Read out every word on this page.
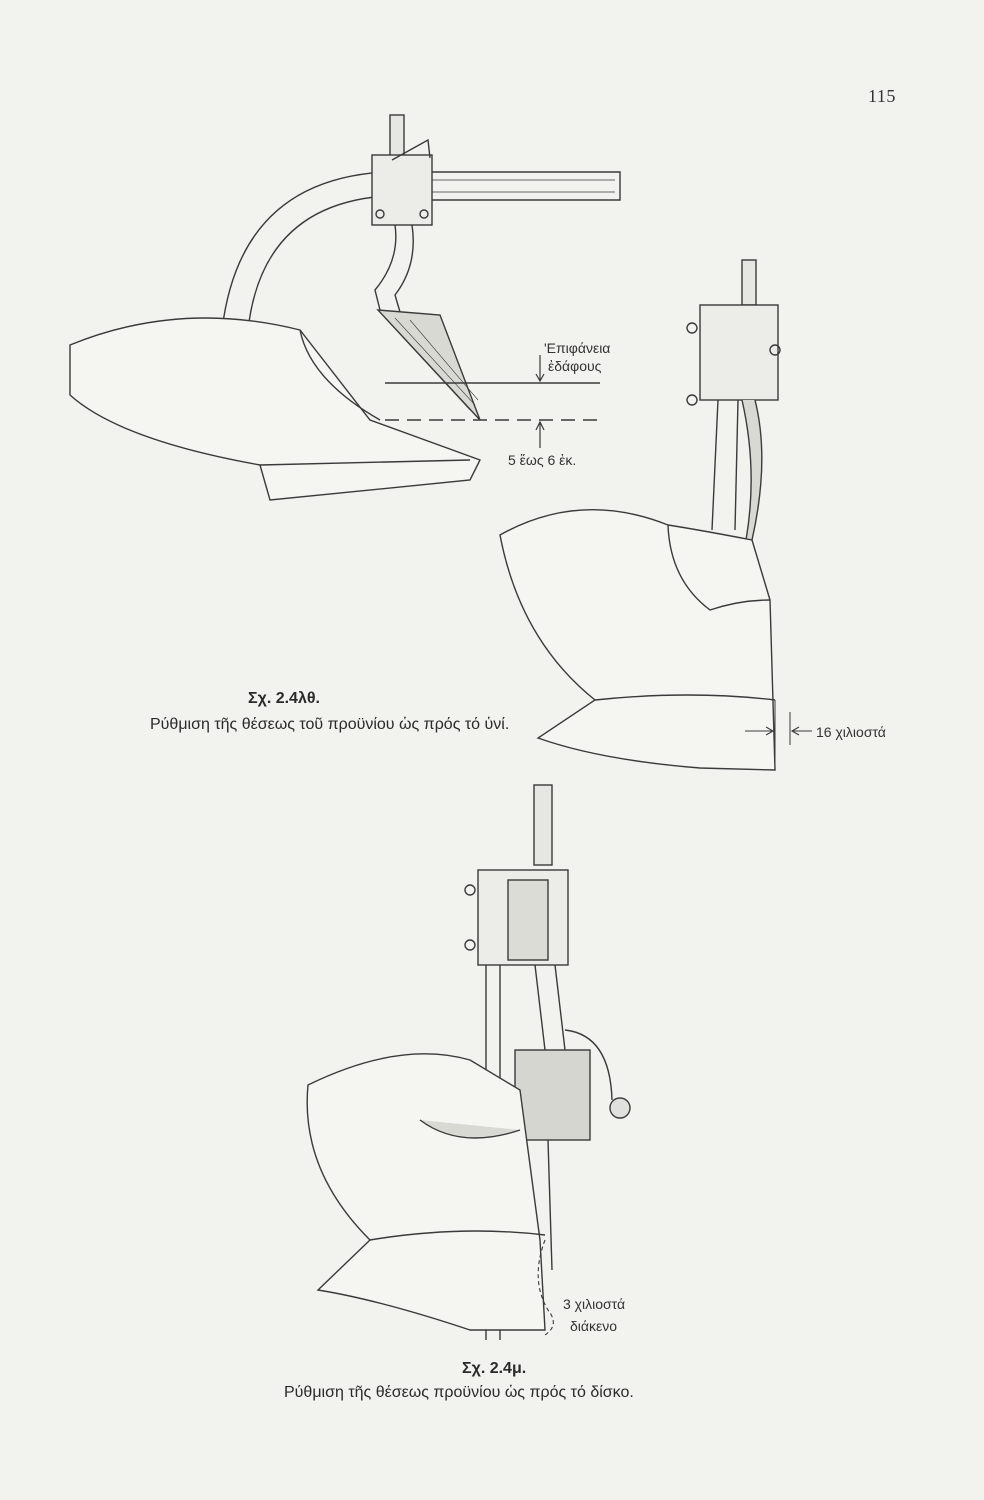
115
'Επιφάνεια
ἐδάφους
5 ἕως 6 ἑκ.
16 χιλιοστά
Σχ. 2.4λθ.
Ρύθμιση τῆς θέσεως τοῦ προϋνίου ὡς πρός τό ὑνί.
3 χιλιοστά
διάκενο
Σχ. 2.4μ.
Ρύθμιση τῆς θέσεως προϋνίου ὡς πρός τό δίσκο.
